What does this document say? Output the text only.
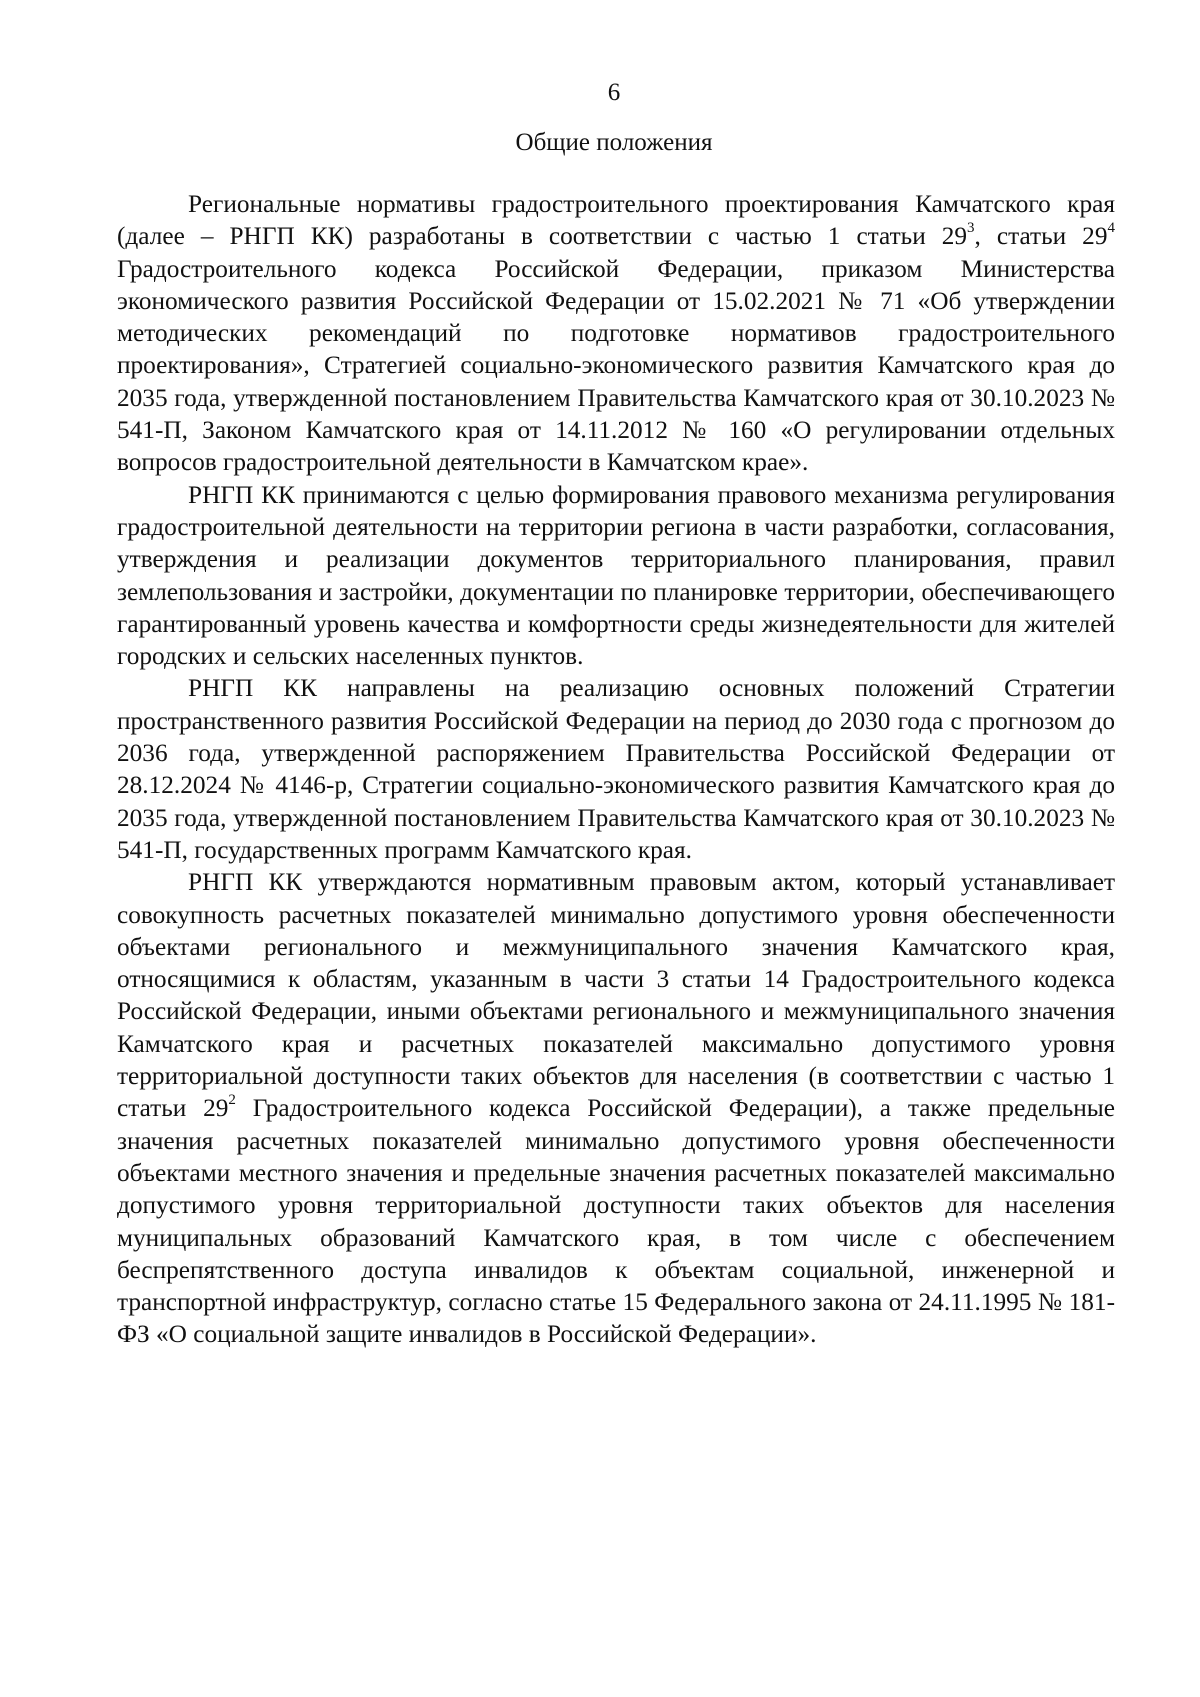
6
Общие положения

Региональные нормативы градостроительного проектирования Камчатского края (далее – РНГП КК) разработаны в соответствии с частью 1 статьи $29^3$, статьи $29^4$ Градостроительного кодекса Российской Федерации, приказом Министерства экономического развития Российской Федерации от 15.02.2021 № 71 «Об утверждении методических рекомендаций по подготовке нормативов градостроительного проектирования», Стратегией социально-экономического развития Камчатского края до 2035 года, утвержденной постановлением Правительства Камчатского края от 30.10.2023 № 541-П, Законом Камчатского края от 14.11.2012 № 160 «О регулировании отдельных вопросов градостроительной деятельности в Камчатском крае».

РНГП КК принимаются с целью формирования правового механизма регулирования градостроительной деятельности на территории региона в части разработки, согласования, утверждения и реализации документов территориального планирования, правил землепользования и застройки, документации по планировке территории, обеспечивающего гарантированный уровень качества и комфортности среды жизнедеятельности для жителей городских и сельских населенных пунктов.

РНГП КК направлены на реализацию основных положений Стратегии пространственного развития Российской Федерации на период до 2030 года с прогнозом до 2036 года, утвержденной распоряжением Правительства Российской Федерации от 28.12.2024 № 4146-р, Стратегии социально-экономического развития Камчатского края до 2035 года, утвержденной постановлением Правительства Камчатского края от 30.10.2023 № 541-П, государственных программ Камчатского края.

РНГП КК утверждаются нормативным правовым актом, который устанавливает совокупность расчетных показателей минимально допустимого уровня обеспеченности объектами регионального и межмуниципального значения Камчатского края, относящимися к областям, указанным в части 3 статьи 14 Градостроительного кодекса Российской Федерации, иными объектами регионального и межмуниципального значения Камчатского края и расчетных показателей максимально допустимого уровня территориальной доступности таких объектов для населения (в соответствии с частью 1 статьи $29^2$ Градостроительного кодекса Российской Федерации), а также предельные значения расчетных показателей минимально допустимого уровня обеспеченности объектами местного значения и предельные значения расчетных показателей максимально допустимого уровня территориальной доступности таких объектов для населения муниципальных образований Камчатского края, в том числе с обеспечением беспрепятственного доступа инвалидов к объектам социальной, инженерной и транспортной инфраструктур, согласно статье 15 Федерального закона от 24.11.1995 № 181-ФЗ «О социальной защите инвалидов в Российской Федерации».
